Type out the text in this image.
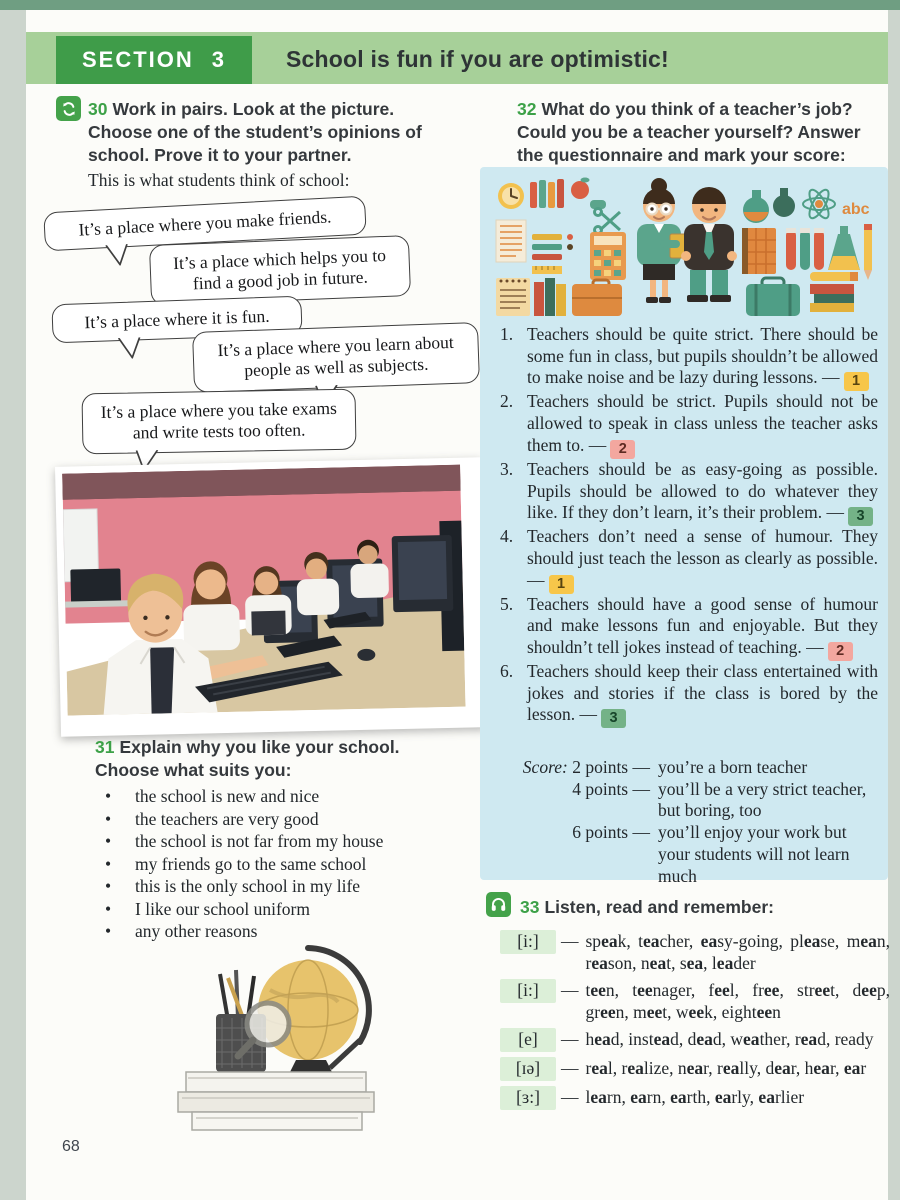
SECTION 3	School is fun if you are optimistic!
30 Work in pairs. Look at the picture. Choose one of the student’s opinions of school. Prove it to your partner.
This is what students think of school:
It’s a place where you make friends.
It’s a place which helps you to find a good job in future.
It’s a place where it is fun.
It’s a place where you learn about people as well as subjects.
It’s a place where you take exams and write tests too often.
31 Explain why you like your school. Choose what suits you:
• the school is new and nice
• the teachers are very good
• the school is not far from my house
• my friends go to the same school
• this is the only school in my life
• I like our school uniform
• any other reasons
68
32 What do you think of a teacher’s job? Could you be a teacher yourself? Answer the questionnaire and mark your score:
abc
1. Teachers should be quite strict. There should be some fun in class, but pupils shouldn’t be allowed to make noise and be lazy during lessons. — 1
2. Teachers should be strict. Pupils should not be allowed to speak in class unless the teacher asks them to. — 2
3. Teachers should be as easy-going as possible. Pupils should be allowed to do whatever they like. If they don’t learn, it’s their problem. — 3
4. Teachers don’t need a sense of humour. They should just teach the lesson as clearly as possible. — 1
5. Teachers should have a good sense of humour and make lessons fun and enjoyable. But they shouldn’t tell jokes instead of teaching. — 2
6. Teachers should keep their class entertained with jokes and stories if the class is bored by the lesson. — 3
Score: 2 points — you’re a born teacher
4 points — you’ll be a very strict teacher, but boring, too
6 points — you’ll enjoy your work but your students will not learn much
33 Listen, read and remember:
[i:]	— speak, teacher, easy-going, please, mean, reason, neat, sea, leader
[i:]	— teen, teenager, feel, free, street, deep, green, meet, week, eighteen
[e]	— head, instead, dead, weather, read, ready
[ɪə]	— real, realize, near, really, dear, hear, ear
[ɜ:]	— learn, earn, earth, early, earlier
